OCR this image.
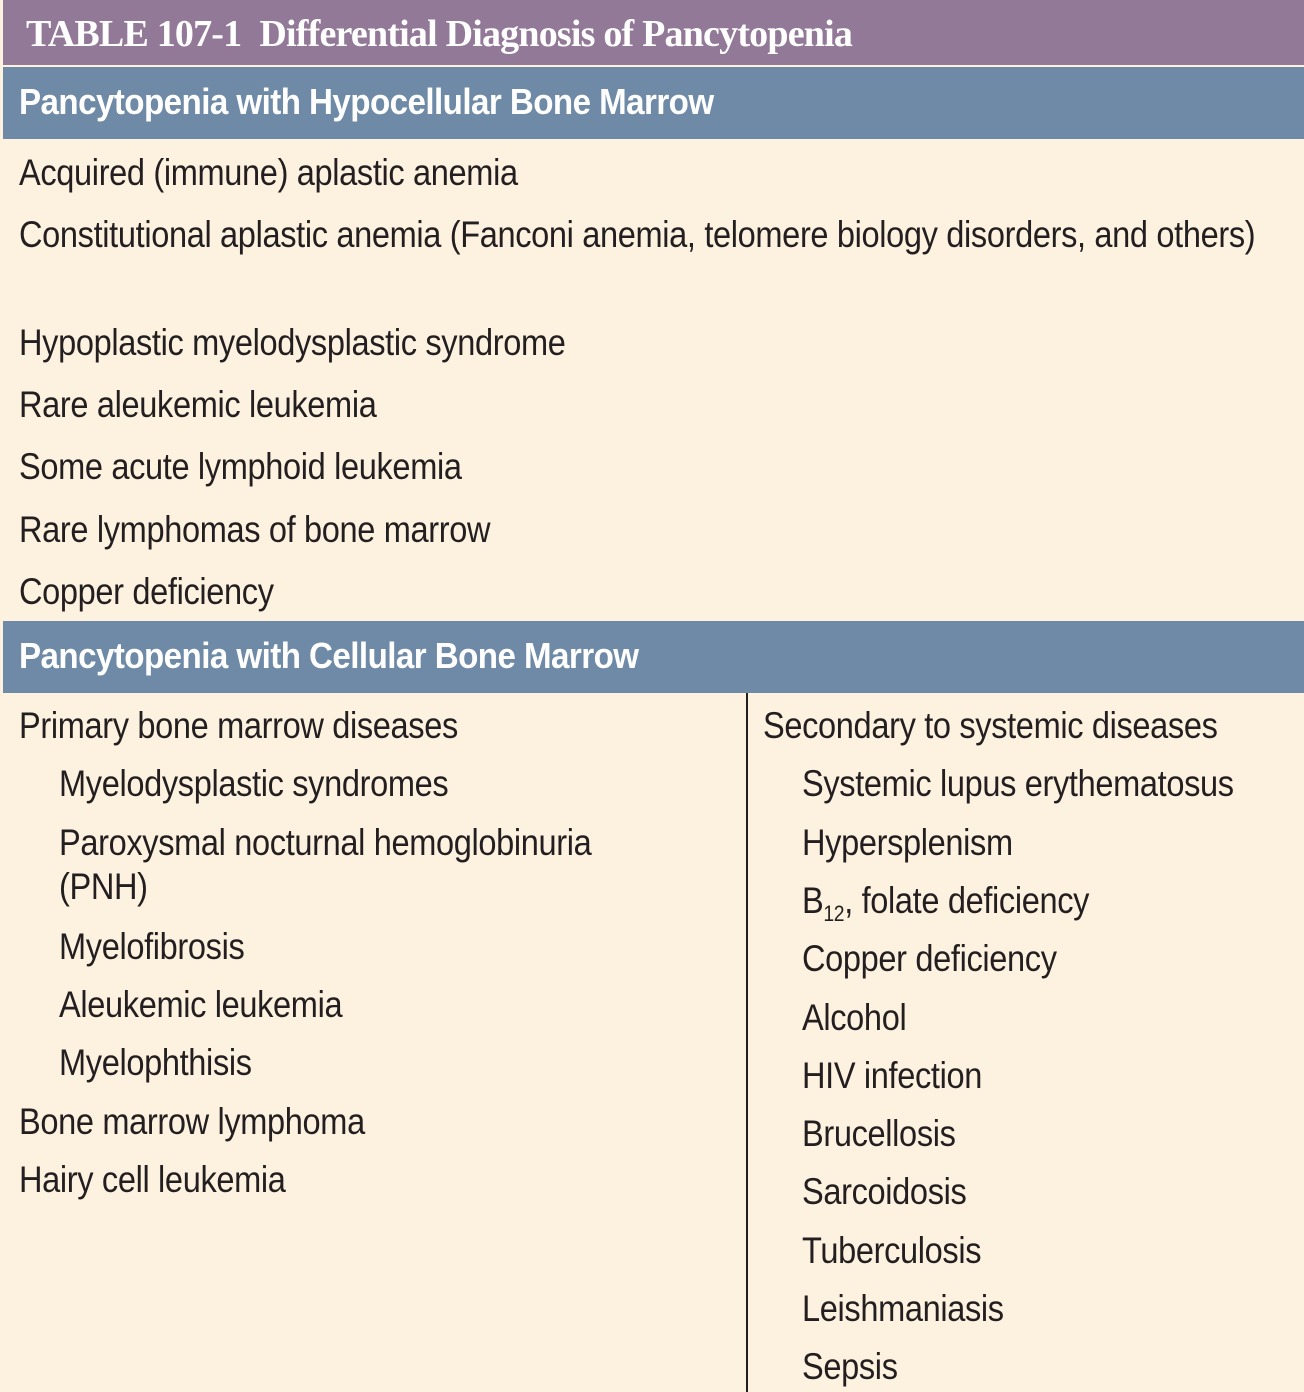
TABLE 107-1 Differential Diagnosis of Pancytopenia
Pancytopenia with Hypocellular Bone Marrow
Acquired (immune) aplastic anemia
Constitutional aplastic anemia (Fanconi anemia, telomere biology disorders, and others)
Hypoplastic myelodysplastic syndrome
Rare aleukemic leukemia
Some acute lymphoid leukemia
Rare lymphomas of bone marrow
Copper deficiency
Pancytopenia with Cellular Bone Marrow
Primary bone marrow diseases
Myelodysplastic syndromes
Paroxysmal nocturnal hemoglobinuria (PNH)
Myelofibrosis
Aleukemic leukemia
Myelophthisis
Bone marrow lymphoma
Hairy cell leukemia
Secondary to systemic diseases
Systemic lupus erythematosus
Hypersplenism
$B_{12}$, folate deficiency
Copper deficiency
Alcohol
HIV infection
Brucellosis
Sarcoidosis
Tuberculosis
Leishmaniasis
Sepsis
